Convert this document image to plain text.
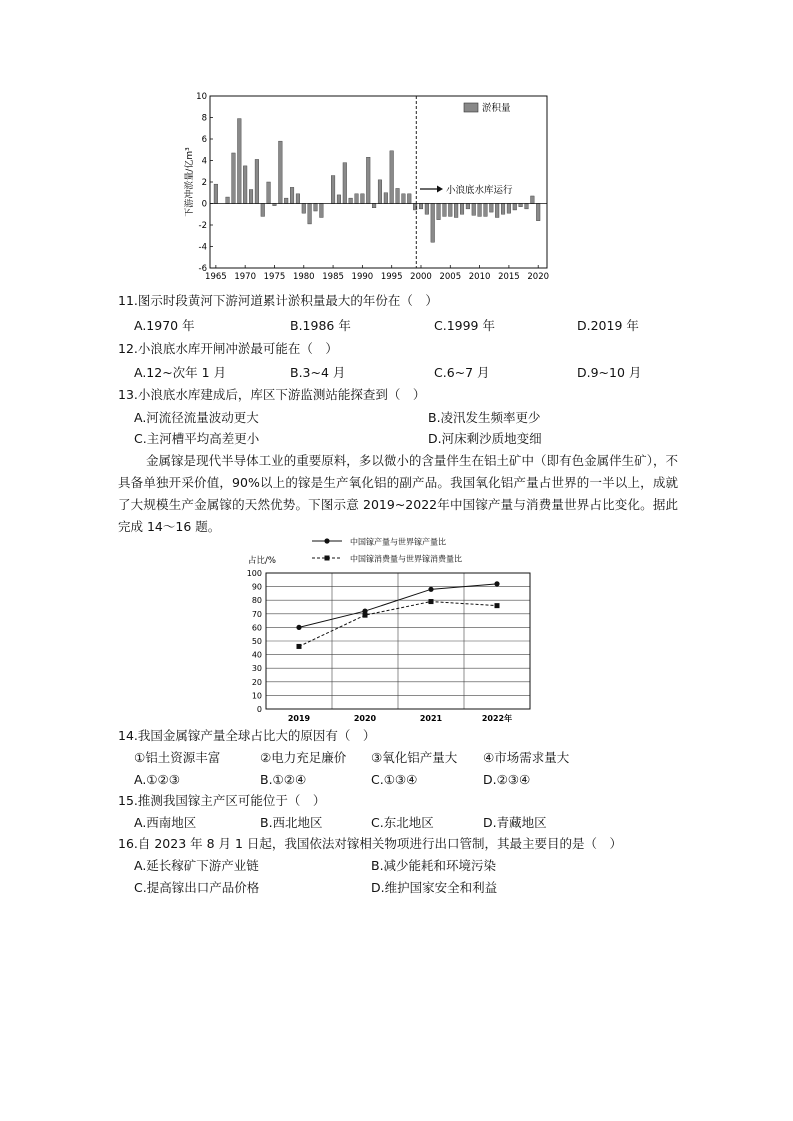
-6
-4
-2
0
2
4
6
8
10
1965 1970 1975 1980 1985 1990 1995 2000 2005 2010 2015 2020
淤积量
小浪底水库运行
下游冲淤量/亿m³
11.图示时段黄河下游河道累计淤积量最大的年份在（　）
A.1970 年	B.1986 年	C.1999 年	D.2019 年
12.小浪底水库开闸冲淤最可能在（　）
A.12~次年 1 月	B.3~4 月	C.6~7 月	D.9~10 月
13.小浪底水库建成后，库区下游监测站能探查到（　）
A.河流径流量波动更大	B.凌汛发生频率更少
C.主河槽平均高差更小	D.河床剩沙质地变细
金属镓是现代半导体工业的重要原料，多以微小的含量伴生在铝土矿中（即有色金属伴生矿），不具备单独开采价值，90%以上的镓是生产氧化铝的副产品。我国氧化铝产量占世界的一半以上，成就了大规模生产金属镓的天然优势。下图示意 2019~2022年中国镓产量与消费量世界占比变化。据此完成 14～16 题。
中国镓产量与世界镓产量比
中国镓消费量与世界镓消费量比
占比/%
0
10
20
30
40
50
60
70
80
90
100
2019	2020	2021	2022年
14.我国金属镓产量全球占比大的原因有（　）
①铝土资源丰富	②电力充足廉价 ③氧化铝产量大 ④市场需求量大
A.①②③	B.①②④	C.①③④	D.②③④
15.推测我国镓主产区可能位于（　）
A.西南地区	B.西北地区	C.东北地区	D.青藏地区
16.自 2023 年 8 月 1 日起，我国依法对镓相关物项进行出口管制，其最主要目的是（　）
A.延长稼矿下游产业链	B.减少能耗和环境污染
C.提高镓出口产品价格	D.维护国家安全和利益
